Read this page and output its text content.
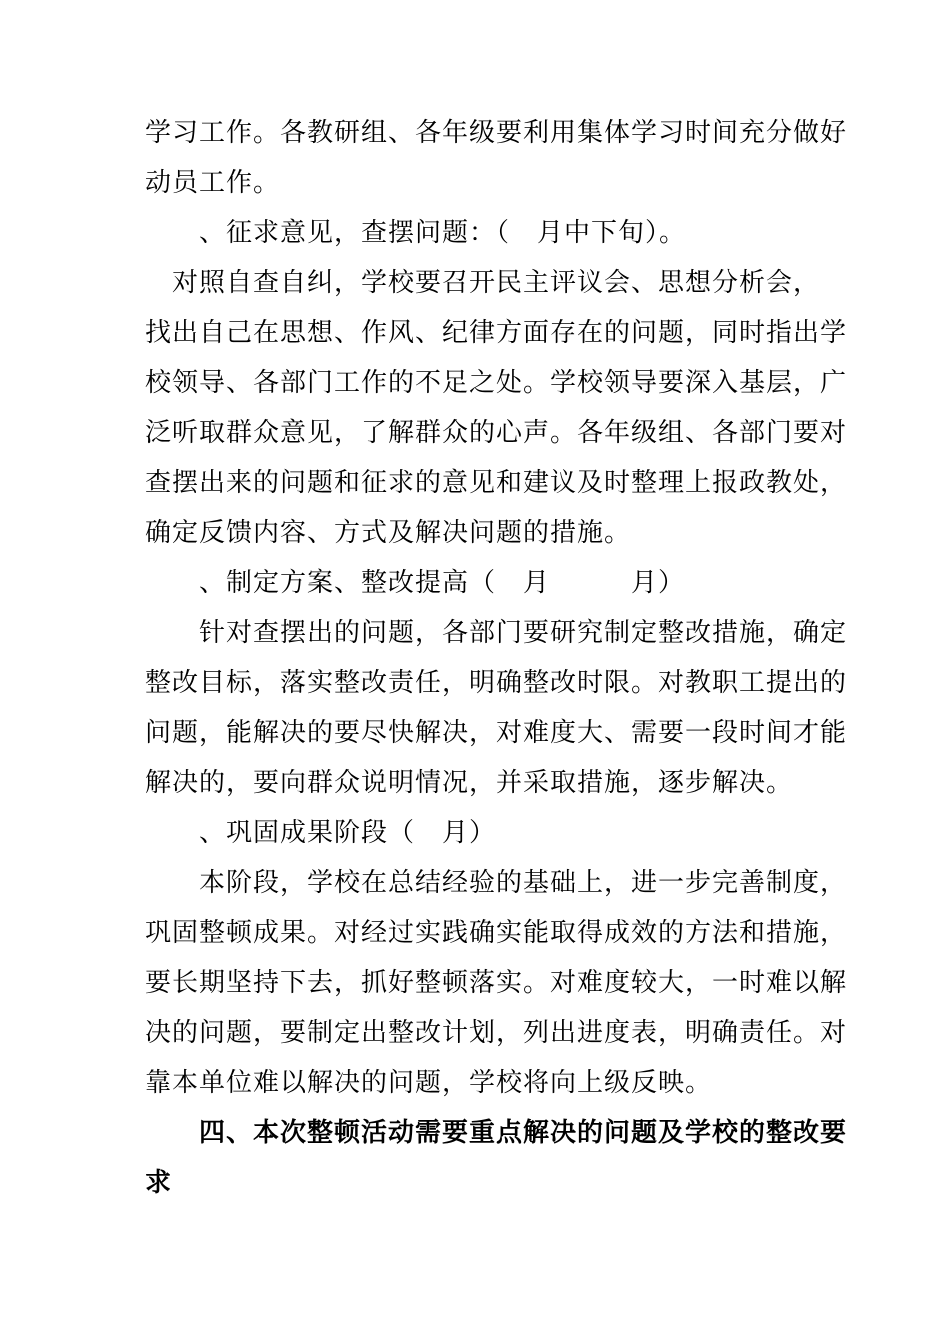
学习工作。各教研组、各年级要利用集体学习时间充分做好
动员工作。
　　、征求意见，查摆问题：（　月中下旬）。
　对照自查自纠，学校要召开民主评议会、思想分析会，
找出自己在思想、作风、纪律方面存在的问题，同时指出学
校领导、各部门工作的不足之处。学校领导要深入基层，广
泛听取群众意见，了解群众的心声。各年级组、各部门要对
查摆出来的问题和征求的意见和建议及时整理上报政教处，
确定反馈内容、方式及解决问题的措施。
　　、制定方案、整改提高（　月　　　月）
　　针对查摆出的问题，各部门要研究制定整改措施，确定
整改目标，落实整改责任，明确整改时限。对教职工提出的
问题，能解决的要尽快解决，对难度大、需要一段时间才能
解决的，要向群众说明情况，并采取措施，逐步解决。
　　、巩固成果阶段（　月）
　　本阶段，学校在总结经验的基础上，进一步完善制度，
巩固整顿成果。对经过实践确实能取得成效的方法和措施，
要长期坚持下去，抓好整顿落实。对难度较大，一时难以解
决的问题，要制定出整改计划，列出进度表，明确责任。对
靠本单位难以解决的问题，学校将向上级反映。
　　四、本次整顿活动需要重点解决的问题及学校的整改要
求
